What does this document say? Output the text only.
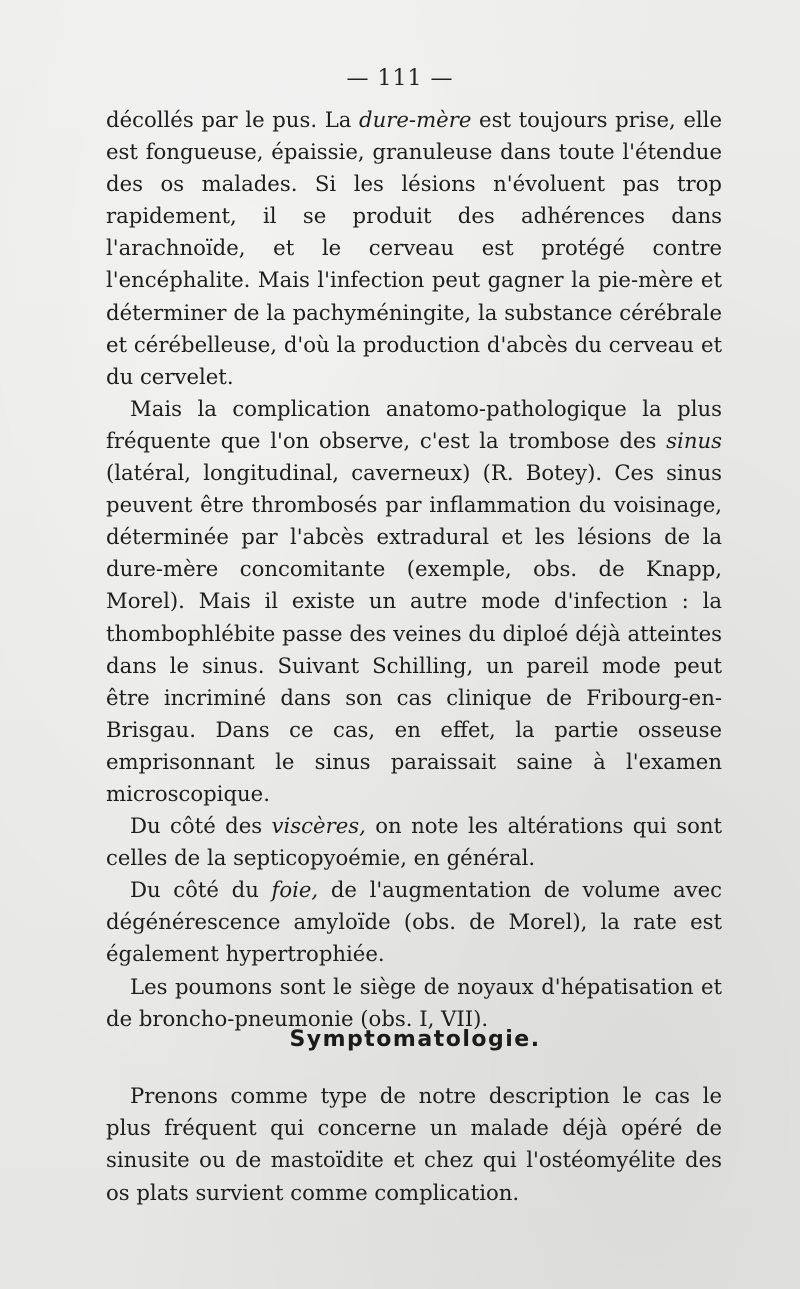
— 111 —

décollés par le pus. La dure-mère est toujours prise, elle est fongueuse, épaissie, granuleuse dans toute l'étendue des os malades. Si les lésions n'évoluent pas trop rapidement, il se produit des adhérences dans l'arachnoïde, et le cerveau est protégé contre l'encéphalite. Mais l'infection peut gagner la pie-mère et déterminer de la pachyméningite, la substance cérébrale et cérébelleuse, d'où la production d'abcès du cerveau et du cervelet.

Mais la complication anatomo-pathologique la plus fréquente que l'on observe, c'est la trombose des sinus (latéral, longitudinal, caverneux) (R. Botey). Ces sinus peuvent être thrombosés par inflammation du voisinage, déterminée par l'abcès extradural et les lésions de la dure-mère concomitante (exemple, obs. de Knapp, Morel). Mais il existe un autre mode d'infection : la thombophlébite passe des veines du diploé déjà atteintes dans le sinus. Suivant Schilling, un pareil mode peut être incriminé dans son cas clinique de Fribourg-en-Brisgau. Dans ce cas, en effet, la partie osseuse emprisonnant le sinus paraissait saine à l'examen microscopique.

Du côté des viscères, on note les altérations qui sont celles de la septicopyoémie, en général.

Du côté du foie, de l'augmentation de volume avec dégénérescence amyloïde (obs. de Morel), la rate est également hypertrophiée.

Les poumons sont le siège de noyaux d'hépatisation et de broncho-pneumonie (obs. I, VII).

Symptomatologie.

Prenons comme type de notre description le cas le plus fréquent qui concerne un malade déjà opéré de sinusite ou de mastoïdite et chez qui l'ostéomyélite des os plats survient comme complication.
